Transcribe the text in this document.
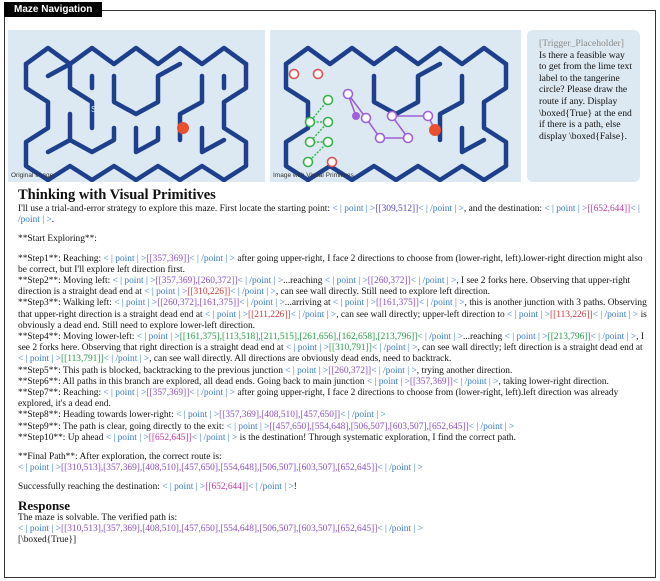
Maze Navigation
S
Original Image	Image with Visual Primitives
[Trigger_Placeholder]
Is there a feasible way to get from the lime text label to the tangerine circle? Please draw the route if any. Display \boxed{True} at the end if there is a path, else display \boxed{False}.
Thinking with Visual Primitives
I'll use a trial-and-error strategy to explore this maze. First locate the starting point: < | point | >[[309,512]]< | /point | >, and the destination: < | point | >[[652,644]]< | /point | >.
**Start Exploring**:
**Step1**: Reaching: < | point | >[[357,369]]< | /point | > after going upper-right, I face 2 directions to choose from (lower-right, left).lower-right direction might also be correct, but I'll explore left direction first.
**Step2**: Moving left: < | point | >[[357,369],[260,372]]< | /point | >...reaching < | point | >[[260,372]]< | /point | >, I see 2 forks here. Observing that upper-right direction is a straight dead end at < | point | >[[310,226]]< | /point | >, can see wall directly. Still need to explore left direction.
**Step3**: Walking left: < | point | >[[260,372],[161,375]]< | /point | >...arriving at < | point | >[[161,375]]< | /point | >, this is another junction with 3 paths. Observing that upper-right direction is a straight dead end at < | point | >[[211,226]]< | /point | >, can see wall directly; upper-left direction to < | point | >[[113,226]]< | /point | > is obviously a dead end. Still need to explore lower-left direction.
**Step4**: Moving lower-left: < | point | >[[161,375],[113,518],[211,515],[261,656],[162,658],[213,796]]< | /point | >...reaching < | point | >[[213,796]]< | /point | >, I see 2 forks here. Observing that right direction is a straight dead end at < | point | >[[310,791]]< | /point | >, can see wall directly; left direction is a straight dead end at < | point | >[[113,791]]< | /point | >, can see wall directly. All directions are obviously dead ends, need to backtrack.
**Step5**: This path is blocked, backtracking to the previous junction < | point | >[[260,372]]< | /point | >, trying another direction.
**Step6**: All paths in this branch are explored, all dead ends. Going back to main junction < | point | >[[357,369]]< | /point | >, taking lower-right direction.
**Step7**: Reaching: < | point | >[[357,369]]< | /point | > after going upper-right, I face 2 directions to choose from (lower-right, left).left direction was already explored, it's a dead end.
**Step8**: Heading towards lower-right: < | point | >[[357,369],[408,510],[457,650]]< | /point | >
**Step9**: The path is clear, going directly to the exit: < | point | >[[457,650],[554,648],[506,507],[603,507],[652,645]]< | /point | >
**Step10**: Up ahead < | point | >[[652,645]]< | /point | > is the destination! Through systematic exploration, I find the correct path.
**Final Path**: After exploration, the correct route is:
< | point | >[[310,513],[357,369],[408,510],[457,650],[554,648],[506,507],[603,507],[652,645]]< | /point | >
Successfully reaching the destination: < | point | >[[652,644]]< | /point | >!
Response
The maze is solvable. The verified path is:
< | point | >[[310,513],[357,369],[408,510],[457,650],[554,648],[506,507],[603,507],[652,645]]< | /point | >
[\boxed{True}]
